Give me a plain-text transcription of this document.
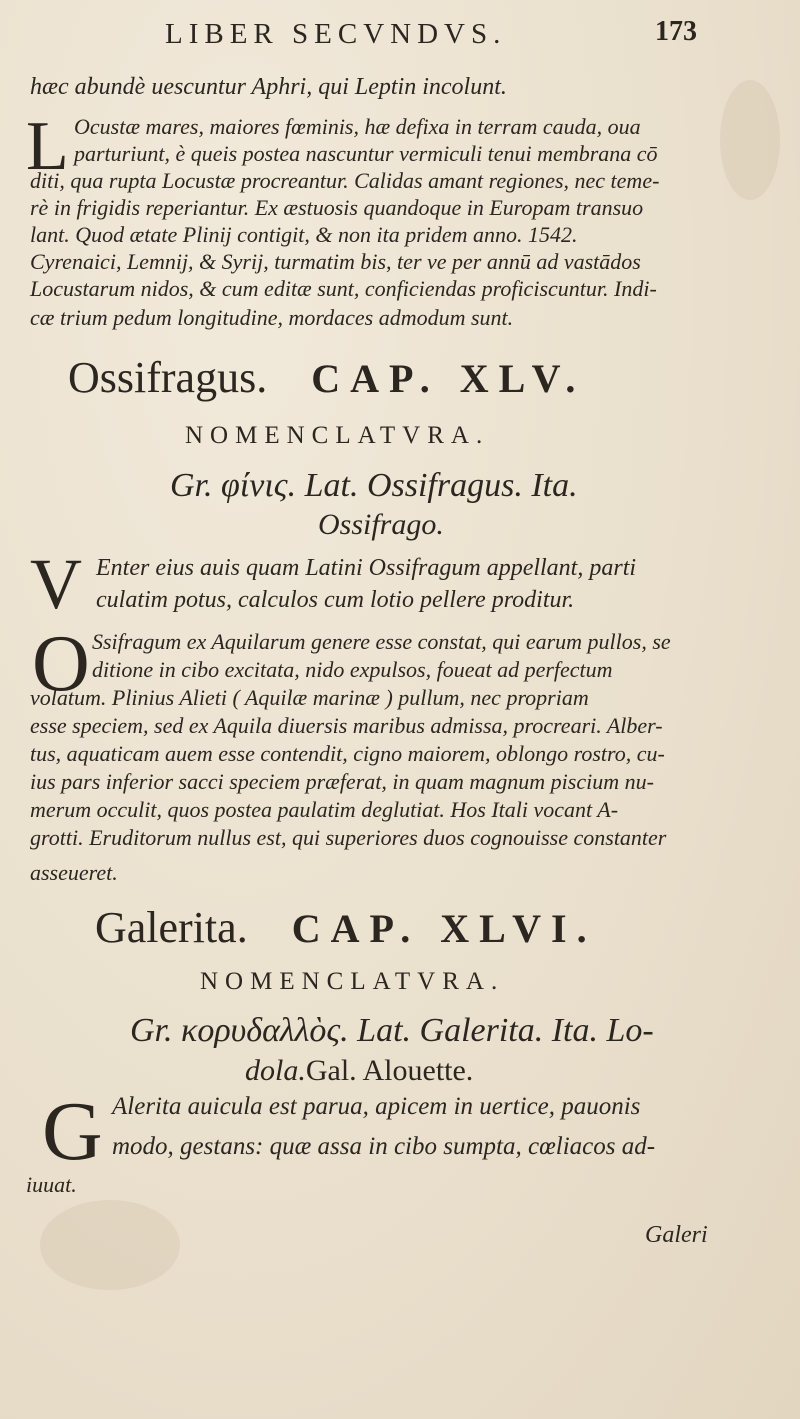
LIBER SECVNDVS.	173
hæc abundè uescuntur Aphri, qui Leptin incolunt.
L Ocustæ mares, maiores fœminis, hæ defixa in terram cauda, oua
parturiunt, è queis postea nascuntur vermiculi tenui membrana cō
diti, qua rupta Locustæ procreantur. Calidas amant regiones, nec teme-
rè in frigidis reperiantur. Ex æstuosis quandoque in Europam transuo
lant. Quod ætate Plinij contigit, & non ita pridem anno. 1542.
Cyrenaici, Lemnij, & Syrij, turmatim bis, ter ve per annū ad vastādos
Locustarum nidos, & cum editæ sunt, conficiendas proficiscuntur. Indi-
cæ trium pedum longitudine, mordaces admodum sunt.
Ossifragus. CAP. XLV.
NOMENCLATVRA.
Gr. φίνις. Lat. Ossifragus. Ita.
Ossifrago.
V Enter eius auis quam Latini Ossifragum appellant, parti
culatim potus, calculos cum lotio pellere proditur.
O Ssifragum ex Aquilarum genere esse constat, qui earum pullos, se
ditione in cibo excitata, nido expulsos, foueat ad perfectum
volatum. Plinius Alieti ( Aquilæ marinæ ) pullum, nec propriam
esse speciem, sed ex Aquila diuersis maribus admissa, procreari. Alber-
tus, aquaticam auem esse contendit, cigno maiorem, oblongo rostro, cu-
ius pars inferior sacci speciem præferat, in quam magnum piscium nu-
merum occulit, quos postea paulatim deglutiat. Hos Itali vocant A-
grotti. Eruditorum nullus est, qui superiores duos cognouisse constanter
asseueret.
Galerita. CAP. XLVI.
NOMENCLATVRA.
Gr. κορυδαλλὸς. Lat. Galerita. Ita. Lo-
dola.Gal. Alouette.
G Alerita auicula est parua, apicem in uertice, pauonis
modo, gestans: quæ assa in cibo sumpta, cœliacos ad-
iuuat.
Galeri
